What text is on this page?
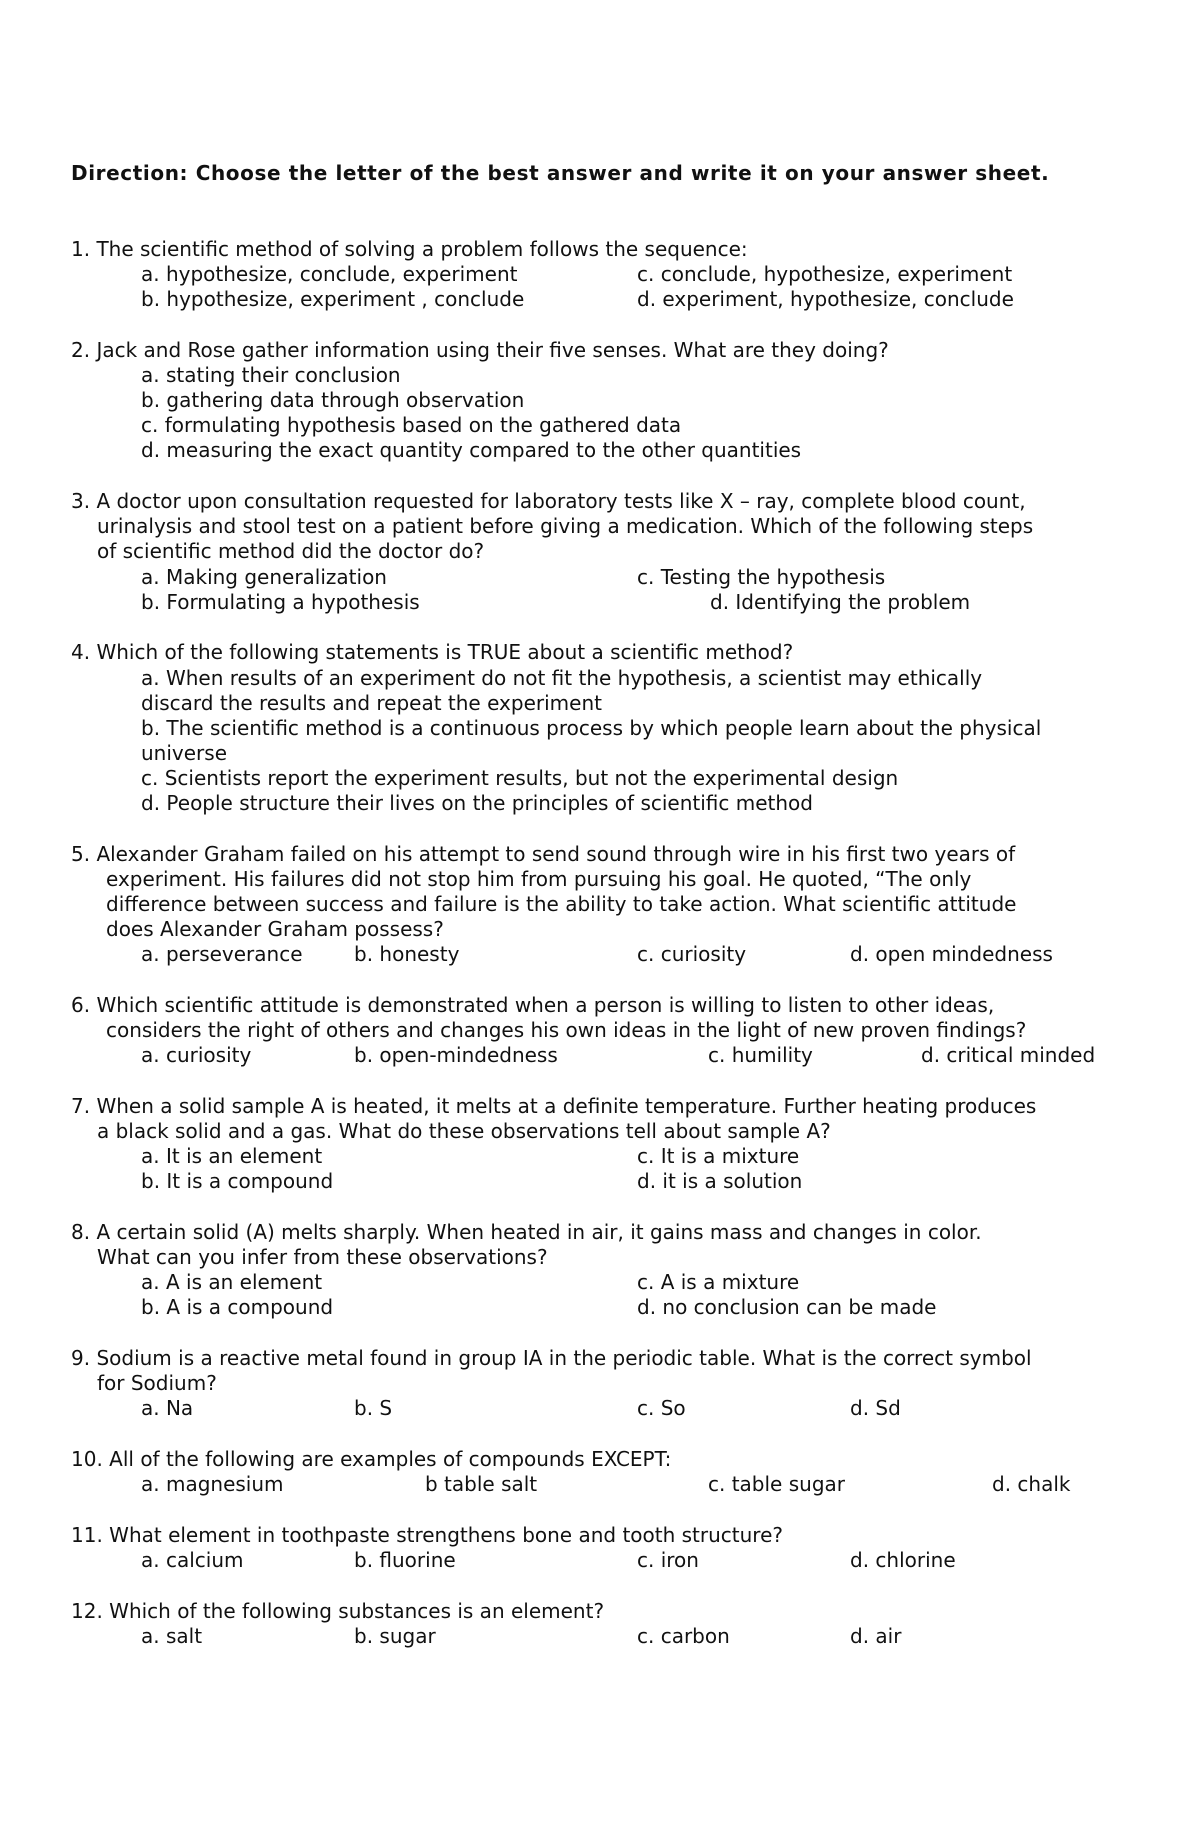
Direction: Choose the letter of the best answer and write it on your answer sheet.
1. The scientific method of solving a problem follows the sequence:
a. hypothesize, conclude, experiment	c. conclude, hypothesize, experiment
b. hypothesize, experiment , conclude	d. experiment, hypothesize, conclude
2. Jack and Rose gather information using their five senses. What are they doing?
a. stating their conclusion
b. gathering data through observation
c. formulating hypothesis based on the gathered data
d. measuring the exact quantity compared to the other quantities
3. A doctor upon consultation requested for laboratory tests like X – ray, complete blood count,
urinalysis and stool test on a patient before giving a medication. Which of the following steps
of scientific method did the doctor do?
a. Making generalization	c. Testing the hypothesis
b. Formulating a hypothesis	d. Identifying the problem
4. Which of the following statements is TRUE about a scientific method?
a. When results of an experiment do not fit the hypothesis, a scientist may ethically
discard the results and repeat the experiment
b. The scientific method is a continuous process by which people learn about the physical
universe
c. Scientists report the experiment results, but not the experimental design
d. People structure their lives on the principles of scientific method
5. Alexander Graham failed on his attempt to send sound through wire in his first two years of
experiment. His failures did not stop him from pursuing his goal. He quoted, “The only
difference between success and failure is the ability to take action. What scientific attitude
does Alexander Graham possess?
a. perseverance	b. honesty	c. curiosity	d. open mindedness
6. Which scientific attitude is demonstrated when a person is willing to listen to other ideas,
considers the right of others and changes his own ideas in the light of new proven findings?
a. curiosity	b. open-mindedness	c. humility	d. critical minded
7. When a solid sample A is heated, it melts at a definite temperature. Further heating produces
a black solid and a gas. What do these observations tell about sample A?
a. It is an element	c. It is a mixture
b. It is a compound	d. it is a solution
8. A certain solid (A) melts sharply. When heated in air, it gains mass and changes in color.
What can you infer from these observations?
a. A is an element	c. A is a mixture
b. A is a compound	d. no conclusion can be made
9. Sodium is a reactive metal found in group IA in the periodic table. What is the correct symbol
for Sodium?
a. Na	b. S	c. So	d. Sd
10. All of the following are examples of compounds EXCEPT:
a. magnesium	b table salt	c. table sugar	d. chalk
11. What element in toothpaste strengthens bone and tooth structure?
a. calcium	b. fluorine	c. iron	d. chlorine
12. Which of the following substances is an element?
a. salt	b. sugar	c. carbon	d. air
